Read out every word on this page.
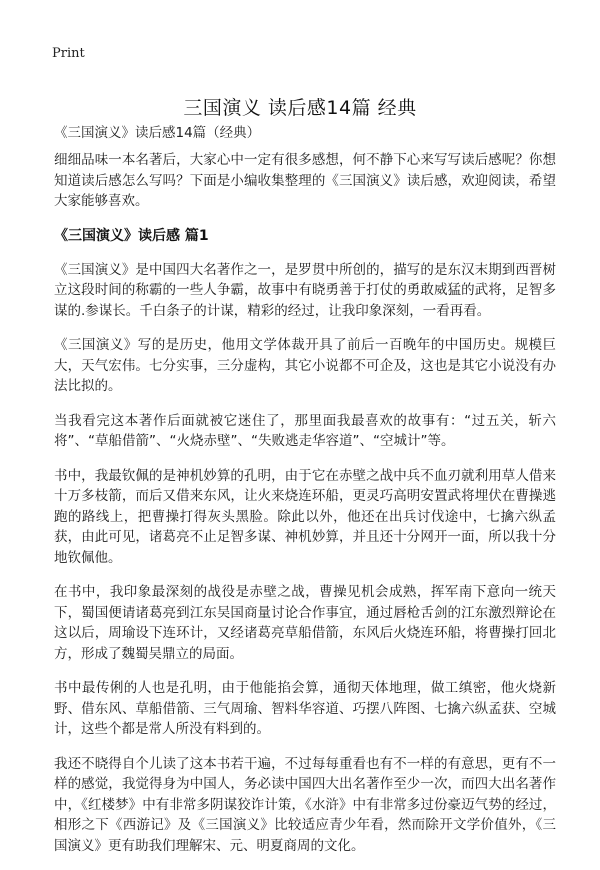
Print
三国演义 读后感14篇 经典
《三国演义》读后感14篇（经典）

细细品味一本名著后，大家心中一定有很多感想，何不静下心来写写读后感呢？你想知道读后感怎么写吗？下面是小编收集整理的《三国演义》读后感，欢迎阅读，希望大家能够喜欢。

《三国演义》读后感 篇1

《三国演义》是中国四大名著作之一，是罗贯中所创的，描写的是东汉末期到西晋树立这段时间的称霸的一些人争霸，故事中有晓勇善于打仗的勇敢威猛的武将，足智多谋的.参谋长。千白条子的计谋，精彩的经过，让我印象深刻，一看再看。

《三国演义》写的是历史，他用文学体裁开具了前后一百晚年的中国历史。规模巨大，天气宏伟。七分实事，三分虚构，其它小说都不可企及，这也是其它小说没有办法比拟的。

当我看完这本著作后面就被它迷住了，那里面我最喜欢的故事有：“过五关，斩六将”、“草船借箭”、“火烧赤壁”、“失败逃走华容道”、“空城计”等。

书中，我最钦佩的是神机妙算的孔明，由于它在赤壁之战中兵不血刃就利用草人借来十万多枝箭，而后又借来东风，让火来烧连环船，更灵巧高明安置武将埋伏在曹操逃跑的路线上，把曹操打得灰头黑脸。除此以外，他还在出兵讨伐途中，七擒六纵孟获，由此可见，诸葛亮不止足智多谋、神机妙算，并且还十分网开一面，所以我十分地钦佩他。

在书中，我印象最深刻的战役是赤壁之战，曹操见机会成熟，挥军南下意向一统天下，蜀国便请诸葛亮到江东吴国商量讨论合作事宜，通过唇枪舌剑的江东激烈辩论在这以后，周瑜设下连环计，又经诸葛亮草船借箭，东风后火烧连环船，将曹操打回北方，形成了魏蜀吴鼎立的局面。

书中最传俐的人也是孔明，由于他能掐会算，通彻天体地理，做工缜密，他火烧新野、借东风、草船借箭、三气周瑜、智料华容道、巧摆八阵图、七擒六纵孟获、空城计，这些个都是常人所没有料到的。

我还不晓得自个儿读了这本书若干遍，不过每每重看也有不一样的有意思，更有不一样的感觉，我觉得身为中国人，务必读中国四大出名著作至少一次，而四大出名著作中，《红楼梦》中有非常多阴谋狡诈计策，《水浒》中有非常多过份豪迈气势的经过，相形之下《西游记》及《三国演义》比较适应青少年看，然而除开文学价值外，《三国演义》更有助我们理解宋、元、明夏商周的文化。
